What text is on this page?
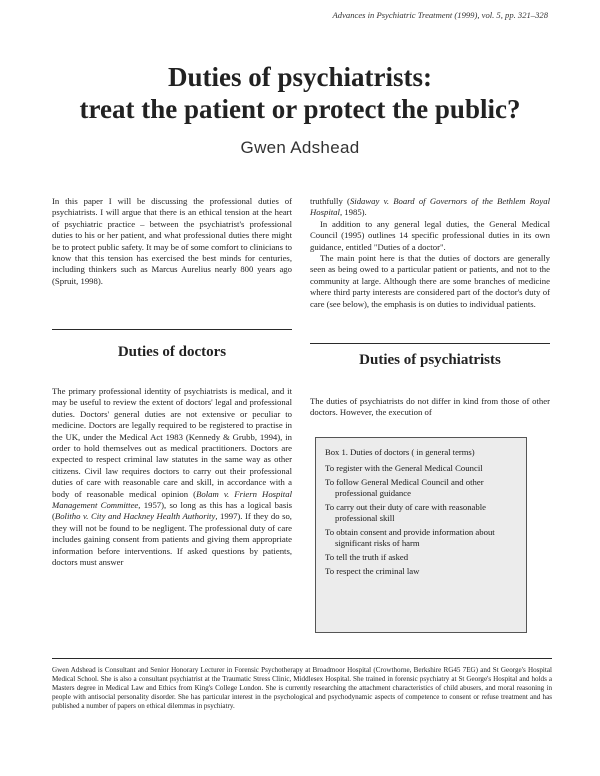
Advances in Psychiatric Treatment (1999), vol. 5, pp. 321–328
Duties of psychiatrists:
treat the patient or protect the public?
Gwen Adshead

In this paper I will be discussing the professional duties of psychiatrists. I will argue that there is an ethical tension at the heart of psychiatric practice – between the psychiatrist's professional duties to his or her patient, and what professional duties there might be to protect public safety. It may be of some comfort to clinicians to know that this tension has exercised the best minds for centuries, including thinkers such as Marcus Aurelius nearly 800 years ago (Spruit, 1998).

Duties of doctors

The primary professional identity of psychiatrists is medical, and it may be useful to review the extent of doctors' legal and professional duties. Doctors' general duties are not extensive or peculiar to medicine. Doctors are legally required to be registered to practise in the UK, under the Medical Act 1983 (Kennedy & Grubb, 1994), in order to hold themselves out as medical practitioners. Doctors are expected to respect criminal law statutes in the same way as other citizens. Civil law requires doctors to carry out their professional duties of care with reasonable care and skill, in accordance with a body of reasonable medical opinion (Bolam v. Friern Hospital Management Committee, 1957), so long as this has a logical basis (Bolitho v. City and Hackney Health Authority, 1997). If they do so, they will not be found to be negligent. The professional duty of care includes gaining consent from patients and giving them appropriate information before interventions. If asked questions by patients, doctors must answer

truthfully (Sidaway v. Board of Governors of the Bethlem Royal Hospital, 1985).

In addition to any general legal duties, the General Medical Council (1995) outlines 14 specific professional duties in its own guidance, entitled "Duties of a doctor".

The main point here is that the duties of doctors are generally seen as being owed to a particular patient or patients, and not to the community at large. Although there are some branches of medicine where third party interests are considered part of the doctor's duty of care (see below), the emphasis is on duties to individual patients.

Duties of psychiatrists

The duties of psychiatrists do not differ in kind from those of other doctors. However, the execution of

Box 1. Duties of doctors ( in general terms)
To register with the General Medical Council
To follow General Medical Council and other professional guidance
To carry out their duty of care with reasonable professional skill
To obtain consent and provide information about significant risks of harm
To tell the truth if asked
To respect the criminal law
Gwen Adshead is Consultant and Senior Honorary Lecturer in Forensic Psychotherapy at Broadmoor Hospital (Crowthorne, Berkshire RG45 7EG) and St George's Hospital Medical School. She is also a consultant psychiatrist at the Traumatic Stress Clinic, Middlesex Hospital. She trained in forensic psychiatry at St George's Hospital and holds a Masters degree in Medical Law and Ethics from King's College London. She is currently researching the attachment characteristics of child abusers, and moral reasoning in people with antisocial personality disorder. She has particular interest in the psychological and psychodynamic aspects of competence to consent or refuse treatment and has published a number of papers on ethical dilemmas in psychiatry.
